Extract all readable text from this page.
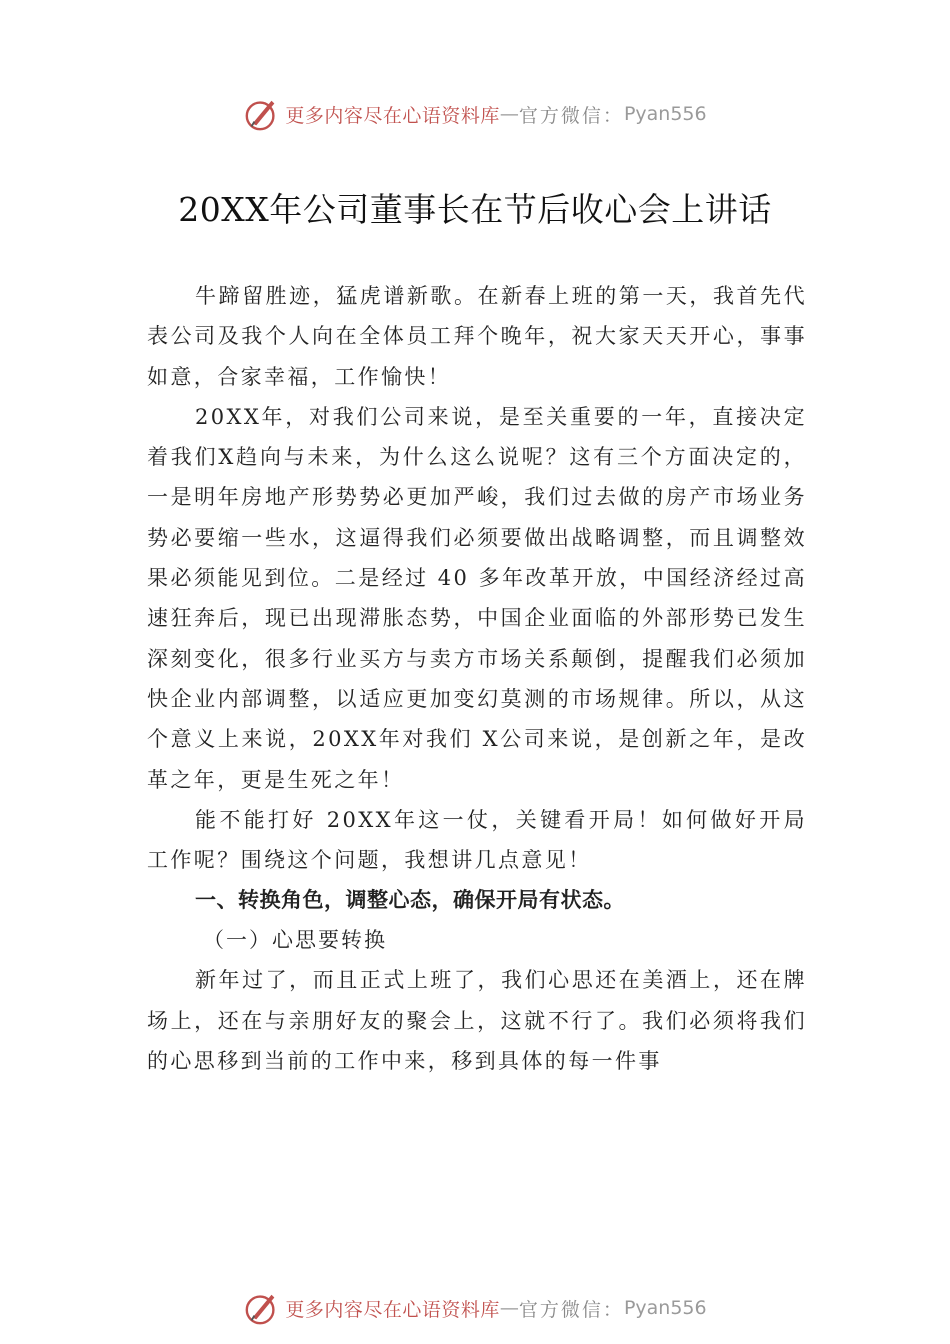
更多内容尽在心语资料库 — 官方微信： Pyan556
20XX年公司董事长在节后收心会上讲话

牛蹄留胜迹，猛虎谱新歌。在新春上班的第一天，我首先代表公司及我个人向在全体员工拜个晚年，祝大家天天开心，事事如意，合家幸福，工作愉快！

20XX年，对我们公司来说，是至关重要的一年，直接决定着我们X趋向与未来，为什么这么说呢？这有三个方面决定的，一是明年房地产形势势必更加严峻，我们过去做的房产市场业务势必要缩一些水，这逼得我们必须要做出战略调整，而且调整效果必须能见到位。二是经过 40 多年改革开放，中国经济经过高速狂奔后，现已出现滞胀态势，中国企业面临的外部形势已发生深刻变化，很多行业买方与卖方市场关系颠倒，提醒我们必须加快企业内部调整，以适应更加变幻莫测的市场规律。所以，从这个意义上来说，20XX年对我们 X公司来说，是创新之年，是改革之年，更是生死之年！

能不能打好 20XX年这一仗，关键看开局！如何做好开局工作呢？围绕这个问题，我想讲几点意见！

一、转换角色，调整心态，确保开局有状态。

（一）心思要转换

新年过了，而且正式上班了，我们心思还在美酒上，还在牌场上，还在与亲朋好友的聚会上，这就不行了。我们必须将我们的心思移到当前的工作中来，移到具体的每一件事

更多内容尽在心语资料库 — 官方微信： Pyan556
